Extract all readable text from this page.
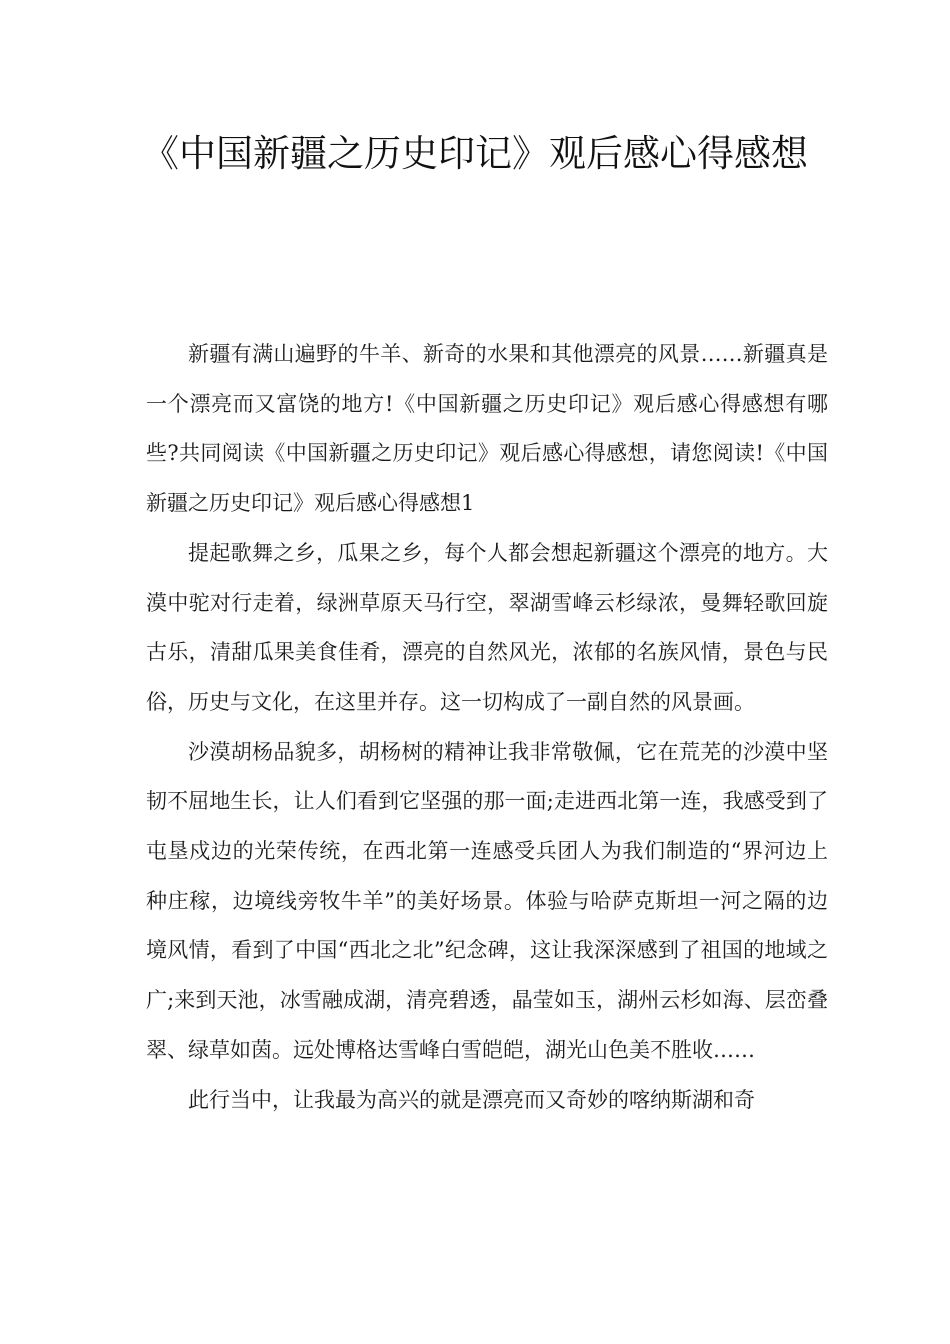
《中国新疆之历史印记》观后感心得感想

新疆有满山遍野的牛羊、新奇的水果和其他漂亮的风景……新疆真是一个漂亮而又富饶的地方!《中国新疆之历史印记》观后感心得感想有哪些?共同阅读《中国新疆之历史印记》观后感心得感想，请您阅读!《中国新疆之历史印记》观后感心得感想1

提起歌舞之乡，瓜果之乡，每个人都会想起新疆这个漂亮的地方。大漠中驼对行走着，绿洲草原天马行空，翠湖雪峰云杉绿浓，曼舞轻歌回旋古乐，清甜瓜果美食佳肴，漂亮的自然风光，浓郁的名族风情，景色与民俗，历史与文化，在这里并存。这一切构成了一副自然的风景画。

沙漠胡杨品貌多，胡杨树的精神让我非常敬佩，它在荒芜的沙漠中坚韧不屈地生长，让人们看到它坚强的那一面;走进西北第一连，我感受到了屯垦戍边的光荣传统，在西北第一连感受兵团人为我们制造的“界河边上种庄稼，边境线旁牧牛羊”的美好场景。体验与哈萨克斯坦一河之隔的边境风情，看到了中国“西北之北”纪念碑，这让我深深感到了祖国的地域之广;来到天池，冰雪融成湖，清亮碧透，晶莹如玉，湖州云杉如海、层峦叠翠、绿草如茵。远处博格达雪峰白雪皑皑，湖光山色美不胜收……

此行当中，让我最为高兴的就是漂亮而又奇妙的喀纳斯湖和奇
